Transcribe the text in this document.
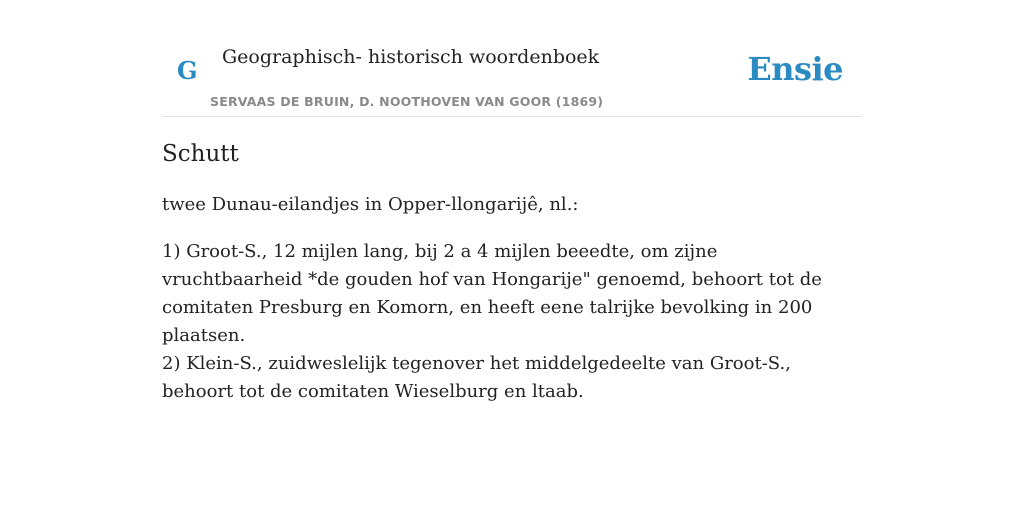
G Geographisch- historisch woordenboek
SERVAAS DE BRUIN, D. NOOTHOVEN VAN GOOR (1869)
Ensie
Schutt

twee Dunau-eilandjes in Opper-llongarijê, nl.:

1) Groot-S., 12 mijlen lang, bij 2 a 4 mijlen beeedte, om zijne vruchtbaarheid *de gouden hof van Hongarije" genoemd, behoort tot de comitaten Presburg en Komorn, en heeft eene talrijke bevolking in 200 plaatsen.
2) Klein-S., zuidweslelijk tegenover het middelgedeelte van Groot-S., behoort tot de comitaten Wieselburg en ltaab.
